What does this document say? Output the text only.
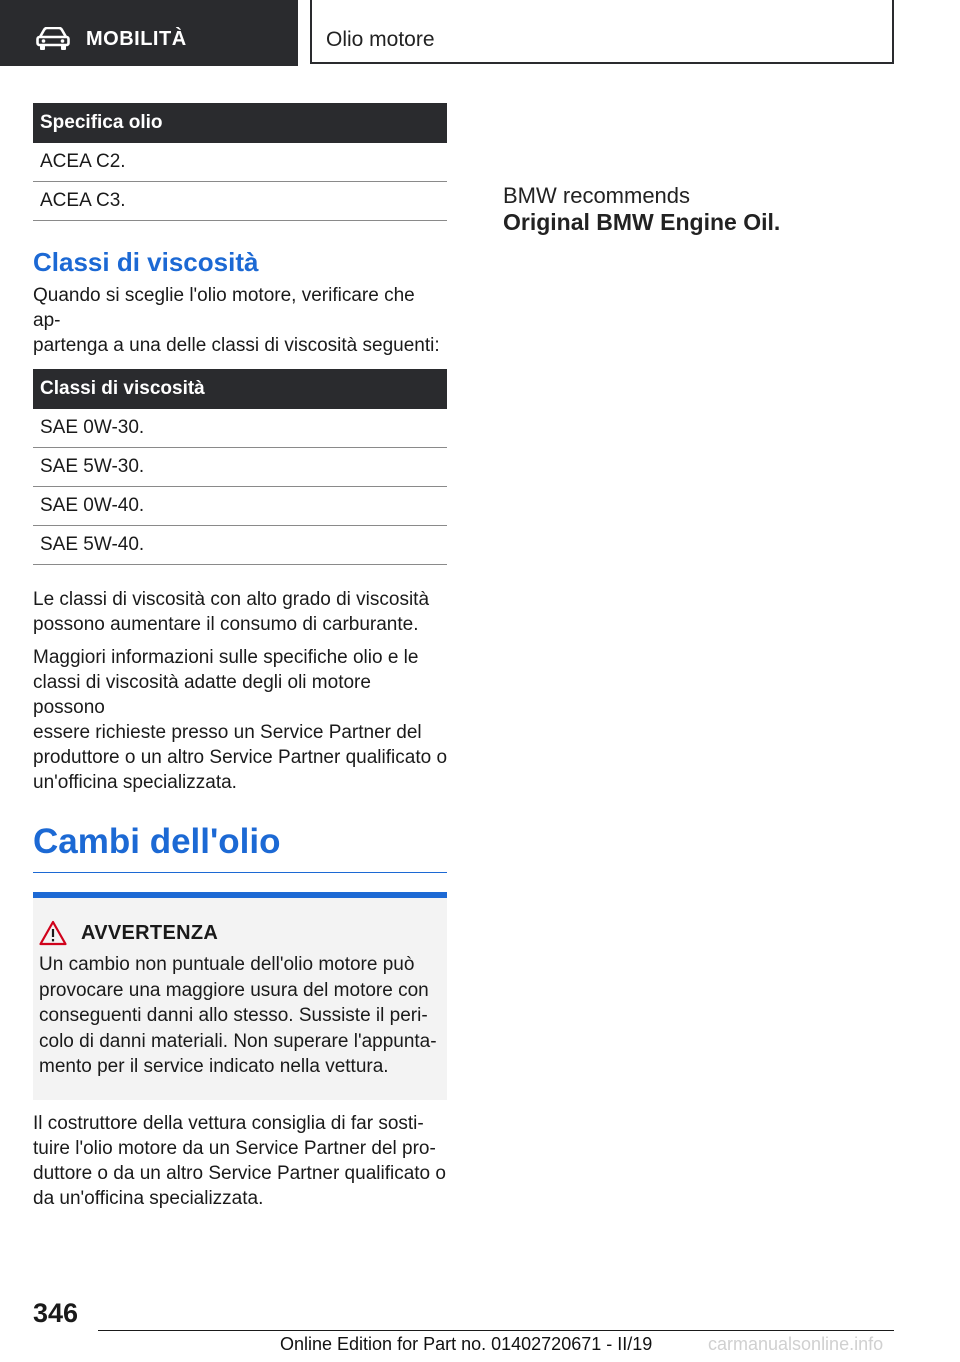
MOBILITÀ	Olio motore
Specifica olio
ACEA C2.
ACEA C3.
Classi di viscosità

Quando si sceglie l'olio motore, verificare che ap-
partenga a una delle classi di viscosità seguenti:

Classi di viscosità
SAE 0W-30.
SAE 5W-30.
SAE 0W-40.
SAE 5W-40.

Le classi di viscosità con alto grado di viscosità
possono aumentare il consumo di carburante.

Maggiori informazioni sulle specifiche olio e le
classi di viscosità adatte degli oli motore possono
essere richieste presso un Service Partner del
produttore o un altro Service Partner qualificato o
un'officina specializzata.

Cambi dell'olio
AVVERTENZA

Un cambio non puntuale dell'olio motore può
provocare una maggiore usura del motore con
conseguenti danni allo stesso. Sussiste il peri-
colo di danni materiali. Non superare l'appunta-
mento per il service indicato nella vettura.

Il costruttore della vettura consiglia di far sosti-
tuire l'olio motore da un Service Partner del pro-
duttore o da un altro Service Partner qualificato o
da un'officina specializzata.

BMW recommends
Original BMW Engine Oil.
346
Online Edition for Part no. 01402720671 - II/19	carmanualsonline.info
